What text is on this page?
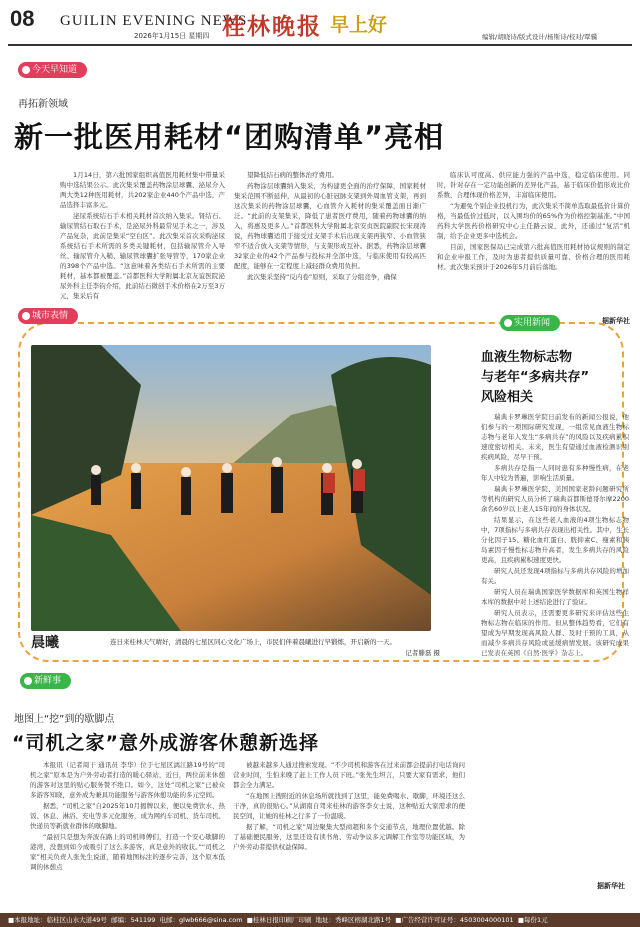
08 GUILIN EVENING NEWS
2026年1月15日 星期四 桂林晚报 早上好
编辑/胡晓诗/版式设计/杨斯诗/校对/覃骥
今天早知道
再拓新领域
新一批医用耗材“团购清单”亮相

1月14日，第六批国家组织高值医用耗材集中带量采购中选结果公示。此次集采覆盖药物涂层球囊、泌尿介入两大类12种医用耗材，共202家企业440个产品中选，产品选择丰富多元。

泌尿系统结石手术相关耗材首次纳入集采。肾结石、输尿管结石取石手术，是泌尿外科最常见手术之一，涉及产品复杂，此前是集采“空白区”。此次集采首次采购泌尿系统结石手术所需的多类关键耗材，包括输尿管介入导丝、输尿管介入鞘、输尿管球囊扩张导管等，170家企业的398个产品中选。“这意味着各类结石手术所需的主要耗材，基本都被覆盖。”首都医科大学附属北京友谊医院泌尿外科主任李钧介绍，此前结石微创手术价格在2万至3万元，集采后有

望降低结石病的整体治疗费用。

药物涂层球囊纳入集采，为构建更全面的治疗保障，国家耗材集采范围不断延伸，从最初的心脏冠脉支架到外周血管支架，再到这次集采的药物涂层球囊，心血管介入耗材的集采覆盖面日渐广泛。“此前的支架集采，降低了患者医疗费用，随着药物球囊的纳入，将惠及更多人。”首都医科大学附属北京安贞医院副院长宋现涛说，药物球囊适用于接受过支架手术后出现支架再狭窄、小血管狭窄不适合放入支架等情形，与支架形成互补。据悉，药物涂层球囊32家企业的42个产品参与投标并全部中选，与临床使用有较高匹配度，能够在一定程度上减轻群众费用负担。

此次集采坚持“反内卷”原则，采取了分组竞争，确保

临床认可度高、供应能力强的产品中选，稳定临床使用。同时，针对存在一定功能创新的差异化产品，基于临床价值形成比价系数，合理体现价格差异，丰富临床使用。

“为避免个别企业投机行为，此次集采不简单选取最低价计算价格，当最低价过低时，以入围均价的65%作为价格控制基准。”中国药科大学医药价格研究中心主任路云说，此外，还通过“复活”机制，给予企业更多中选机会。

目前，国家医保局已完成第六批高值医用耗材协议规则的制定和企业申报工作，及时为患者提供质量可靠、价格合理的医用耗材。此次集采预计于2026年5月前后落地。

据新华社
城市表情
晨曦	连日来桂林天气晴好，清晨的七星区同心文化广场上，市民们伴着晨曦进行早锻炼，开启新的一天。
记者滕磊 摄
实用新闻
血液生物标志物
与老年“多病共存”
风险相关

瑞典卡罗琳医学院日前发布的新闻公报说，他们参与的一项国际研究发现，一组常见血液生物标志物与老年人发生“多病共存”的风险以及疾病累积速度密切相关。未来，医生有望通过血液检测识别疾病风险，尽早干预。

多病共存是指一人同时患有多种慢性病，在老年人中较为普遍，影响生活质量。

瑞典卡罗琳医学院、美国国家老龄问题研究所等机构的研究人员分析了瑞典首都斯德哥尔摩2200余名60岁以上老人15年间的身体状况。

结果显示，在这些老人血液的4项生物标志物中，7项指标与多病共存表现出相关性。其中，生长分化因子15、糖化血红蛋白、胱抑素C、瘦素和胰岛素因子慢性标志物升高者，发生多病共存的风险更高，且疾病累积速度更快。

研究人员还发现4项指标与多病共存风险的增加有关。

研究人员在瑞典国家医学数据库和英国生物样本库的数据中对上述结论进行了验证。

研究人员表示，还需要更多研究来评估这些生物标志物在临床的作用。但从整体趋势看，它们有望成为早期发现高风险人群、及时干预的工具，从而减少多病共存风险或延缓病情发展。该研究成果已发表在英国《自然·医学》杂志上。

据新华社
新鲜事
地图上“挖”到的歇脚点
“司机之家”意外成游客休憩新选择

本报讯（记者周干 通讯员 李华）位于七星区漓江路19号的“司机之家”原本是为户外劳动者打造的暖心驿站，近日，两位前来休憩的游客对这里的贴心服务赞不绝口。如今，这处“司机之家”已被众多游客知晓，意外成为兼具功能服务与游客休憩功能的多元空间。

据悉，“司机之家”自2025年10月揭牌以来，便以免费饮水、热饭、休息、淋浴、充电等多元化服务，成为网约车司机、货车司机、快递员等新就业群体的歇脚地。

“最初只是想为奔波在路上的司机师傅们，打造一个安心歇脚的港湾，没想到如今成吸引了这么多游客，真是意外的收获。”“司机之家”相关负责人张先生说道，随着地图标注的逐步完善，这个原本低调的休憩点

被越来越多人通过搜索发现。“不少司机和游客在过来前都会提前打电话询问营业时间，生怕来晚了赶上工作人员下班。”张先生坦言，只要大家有需求，他们都会全力满足。

“在地图上搜附近的休息场所就找到了这里，能免费喝水、歇脚，环境还这么干净，真的很贴心。”从湖南自驾来桂林的游客李女士说，这种贴近大家需求的便民空间，让她的桂林之行多了一份温暖。

据了解，“司机之家”周边聚集大型商超和多个交通节点，地理位置优越。除了基础便民服务，这里还设有读书角、劳动争议多元调解工作室等功能区域，为户外劳动者提供权益保障。

■本报地址：临桂区山水大道49号 邮编：541199 电邮：glwb666@sina.com ■桂林日报印刷厂印刷 地址：秀峰区榕湖北路1号 ■广告经营许可证号：4503004000101 ■每份1元
